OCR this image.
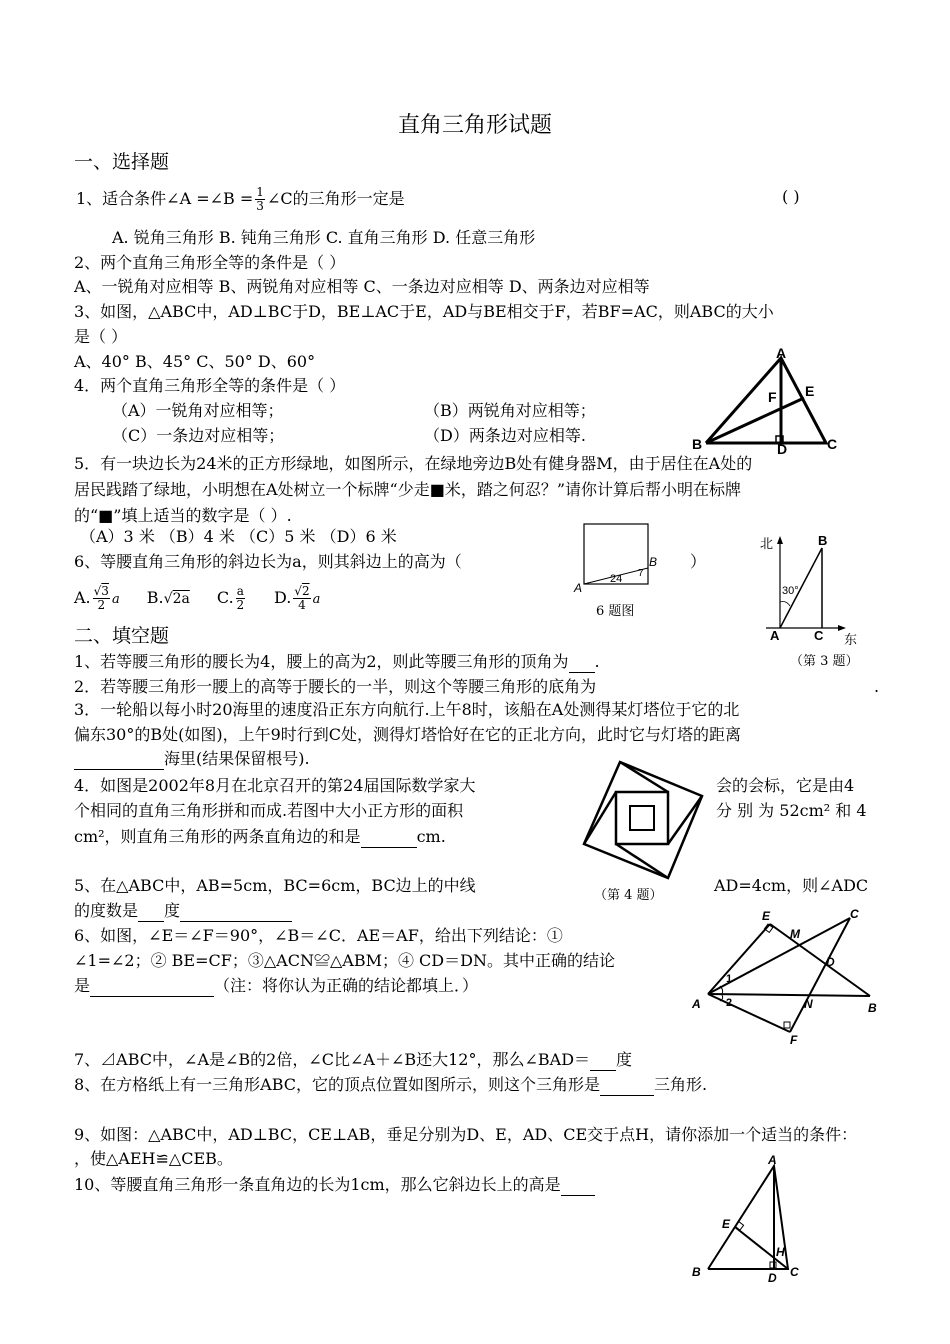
直角三角形试题
一、选择题
1、适合条件∠A =∠B = $\frac{1}{3}$ ∠C的三角形一定是	( )
A. 锐角三角形 B. 钝角三角形 C. 直角三角形 D. 任意三角形
2、两个直角三角形全等的条件是（ ）
A、一锐角对应相等 B、两锐角对应相等 C、一条边对应相等 D、两条边对应相等
3、如图，△ABC中，AD⊥BC于D，BE⊥AC于E，AD与BE相交于F，若BF=AC，则ABC的大小
是（ ）
A、40° B、45° C、50° D、60°	A
E
F
B	D	C
4．两个直角三角形全等的条件是（ ）
（A）一锐角对应相等；	（B）两锐角对应相等；
（C）一条边对应相等；	（D）两条边对应相等.
5．有一块边长为24米的正方形绿地，如图所示，在绿地旁边B处有健身器M，由于居住在A处的
居民践踏了绿地，小明想在A处树立一个标牌“少走■米，踏之何忍？”请你计算后帮小明在标牌
的“■”填上适当的数字是（ ）.
（A）3 米 （B）4 米 （C）5 米 （D）6 米
6、等腰直角三角形的斜边长为a，则其斜边上的高为（	）
A. $\frac{√3}{2}$ a B.√2a C. $\frac{a}{2} D$. $\frac{√2}{4}$ a
A
B
24 7
6 题图
北	B
30°
A	C 东
二、填空题
1、若等腰三角形的腰长为4，腰上的高为2，则此等腰三角形的顶角为 .	（第 3 题）
2．若等腰三角形一腰上的高等于腰长的一半，则这个等腰三角形的底角为	.
3．一轮船以每小时20海里的速度沿正东方向航行.上午8时，该船在A处测得某灯塔位于它的北
偏东30°的B处(如图)，上午9时行到C处，测得灯塔恰好在它的正北方向，此时它与灯塔的距离
海里(结果保留根号).
4．如图是2002年8月在北京召开的第24届国际数学家大	会的会标，它是由4
个相同的直角三角形拼和而成.若图中大小正方形的面积	分 别 为 52cm² 和 4
cm²，则直角三角形的两条直角边的和是	cm.
（第 4 题）
5、在△ABC中，AB=5cm，BC=6cm，BC边上的中线	AD=4cm，则∠ADC
的度数是 度
6、如图，∠E＝∠F＝90°，∠B＝∠C．AE＝AF，给出下列结论：①
∠1=∠2；② BE=CF；③△ACN≌△ABM；④ CD＝DN。其中正确的结论
是	（注：将你认为正确的结论都填上．）
E	C
M
D
1
2
A	N	B
F
7、⊿ABC中，∠A是∠B的2倍，∠C比∠A＋∠B还大12°，那么∠BAD＝ 度
8、在方格纸上有一三角形ABC，它的顶点位置如图所示，则这个三角形是	三角形.
9、如图：△ABC中，AD⊥BC，CE⊥AB，垂足分别为D、E，AD、CE交于点H，请你添加一个适当的条件：
，使△AEH≌△CEB。
10、等腰直角三角形一条直角边的长为1cm，那么它斜边长上的高是
A
E
H
B	D C
